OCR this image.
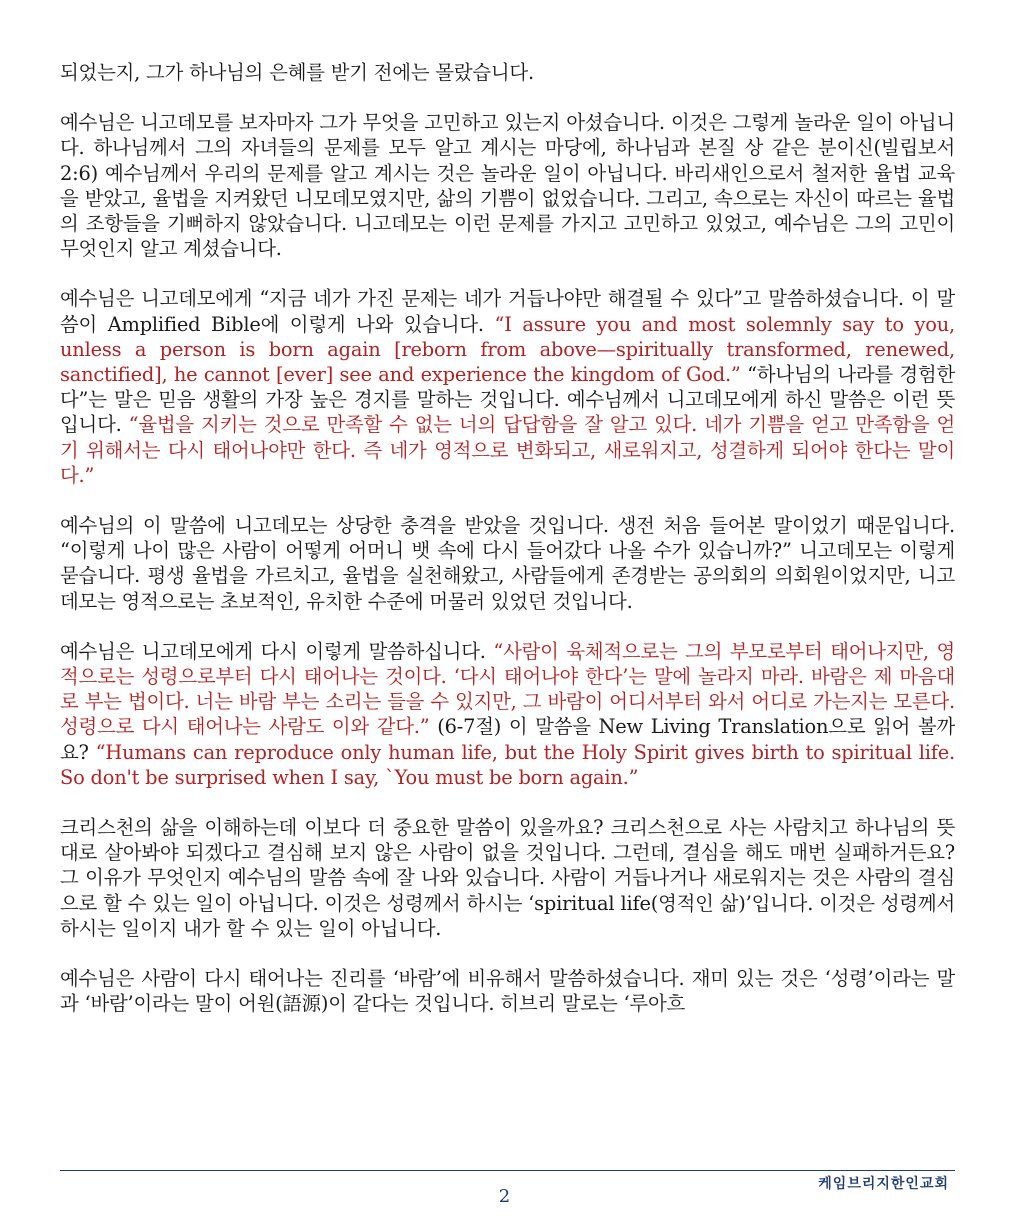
되었는지, 그가 하나님의 은혜를 받기 전에는 몰랐습니다.

예수님은 니고데모를 보자마자 그가 무엇을 고민하고 있는지 아셨습니다. 이것은 그렇게 놀라운 일이 아닙니다. 하나님께서 그의 자녀들의 문제를 모두 알고 계시는 마당에, 하나님과 본질 상 같은 분이신(빌립보서 2:6) 예수님께서 우리의 문제를 알고 계시는 것은 놀라운 일이 아닙니다. 바리새인으로서 철저한 율법 교육을 받았고, 율법을 지켜왔던 니모데모였지만, 삶의 기쁨이 없었습니다. 그리고, 속으로는 자신이 따르는 율법의 조항들을 기뻐하지 않았습니다. 니고데모는 이런 문제를 가지고 고민하고 있었고, 예수님은 그의 고민이 무엇인지 알고 계셨습니다.

예수님은 니고데모에게 “지금 네가 가진 문제는 네가 거듭나야만 해결될 수 있다”고 말씀하셨습니다. 이 말씀이 Amplified Bible에 이렇게 나와 있습니다. “I assure you and most solemnly say to you, unless a person is born again [reborn from above—spiritually transformed, renewed, sanctified], he cannot [ever] see and experience the kingdom of God.” “하나님의 나라를 경험한다”는 말은 믿음 생활의 가장 높은 경지를 말하는 것입니다. 예수님께서 니고데모에게 하신 말씀은 이런 뜻입니다. “율법을 지키는 것으로 만족할 수 없는 너의 답답함을 잘 알고 있다. 네가 기쁨을 얻고 만족함을 얻기 위해서는 다시 태어나야만 한다. 즉 네가 영적으로 변화되고, 새로워지고, 성결하게 되어야 한다는 말이다.”

예수님의 이 말씀에 니고데모는 상당한 충격을 받았을 것입니다. 생전 처음 들어본 말이었기 때문입니다. “이렇게 나이 많은 사람이 어떻게 어머니 뱃 속에 다시 들어갔다 나올 수가 있습니까?” 니고데모는 이렇게 묻습니다. 평생 율법을 가르치고, 율법을 실천해왔고, 사람들에게 존경받는 공의회의 의회원이었지만, 니고데모는 영적으로는 초보적인, 유치한 수준에 머물러 있었던 것입니다.

예수님은 니고데모에게 다시 이렇게 말씀하십니다. “사람이 육체적으로는 그의 부모로부터 태어나지만, 영적으로는 성령으로부터 다시 태어나는 것이다. ‘다시 태어나야 한다’는 말에 놀라지 마라. 바람은 제 마음대로 부는 법이다. 너는 바람 부는 소리는 들을 수 있지만, 그 바람이 어디서부터 와서 어디로 가는지는 모른다. 성령으로 다시 태어나는 사람도 이와 같다.” (6-7절) 이 말씀을 New Living Translation으로 읽어 볼까요? “Humans can reproduce only human life, but the Holy Spirit gives birth to spiritual life. So don't be surprised when I say, `You must be born again.”

크리스천의 삶을 이해하는데 이보다 더 중요한 말씀이 있을까요? 크리스천으로 사는 사람치고 하나님의 뜻 대로 살아봐야 되겠다고 결심해 보지 않은 사람이 없을 것입니다. 그런데, 결심을 해도 매번 실패하거든요? 그 이유가 무엇인지 예수님의 말씀 속에 잘 나와 있습니다. 사람이 거듭나거나 새로워지는 것은 사람의 결심으로 할 수 있는 일이 아닙니다. 이것은 성령께서 하시는 ‘spiritual life(영적인 삶)’입니다. 이것은 성령께서 하시는 일이지 내가 할 수 있는 일이 아닙니다.

예수님은 사람이 다시 태어나는 진리를 ‘바람’에 비유해서 말씀하셨습니다. 재미 있는 것은 ‘성령’이라는 말과 ‘바람’이라는 말이 어원(語源)이 같다는 것입니다. 히브리 말로는 ‘루아흐

케임브리지한인교회
2
